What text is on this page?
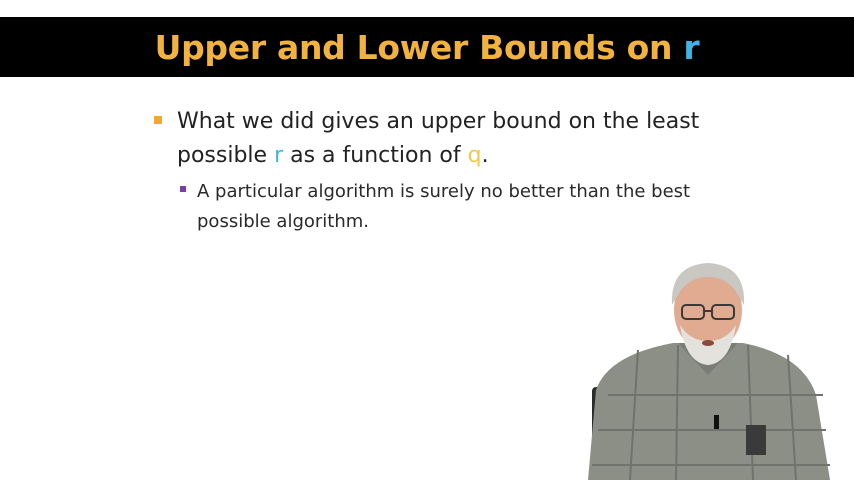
Upper and Lower Bounds on r
What we did gives an upper bound on the least possible r as a function of q.
A particular algorithm is surely no better than the best possible algorithm.
